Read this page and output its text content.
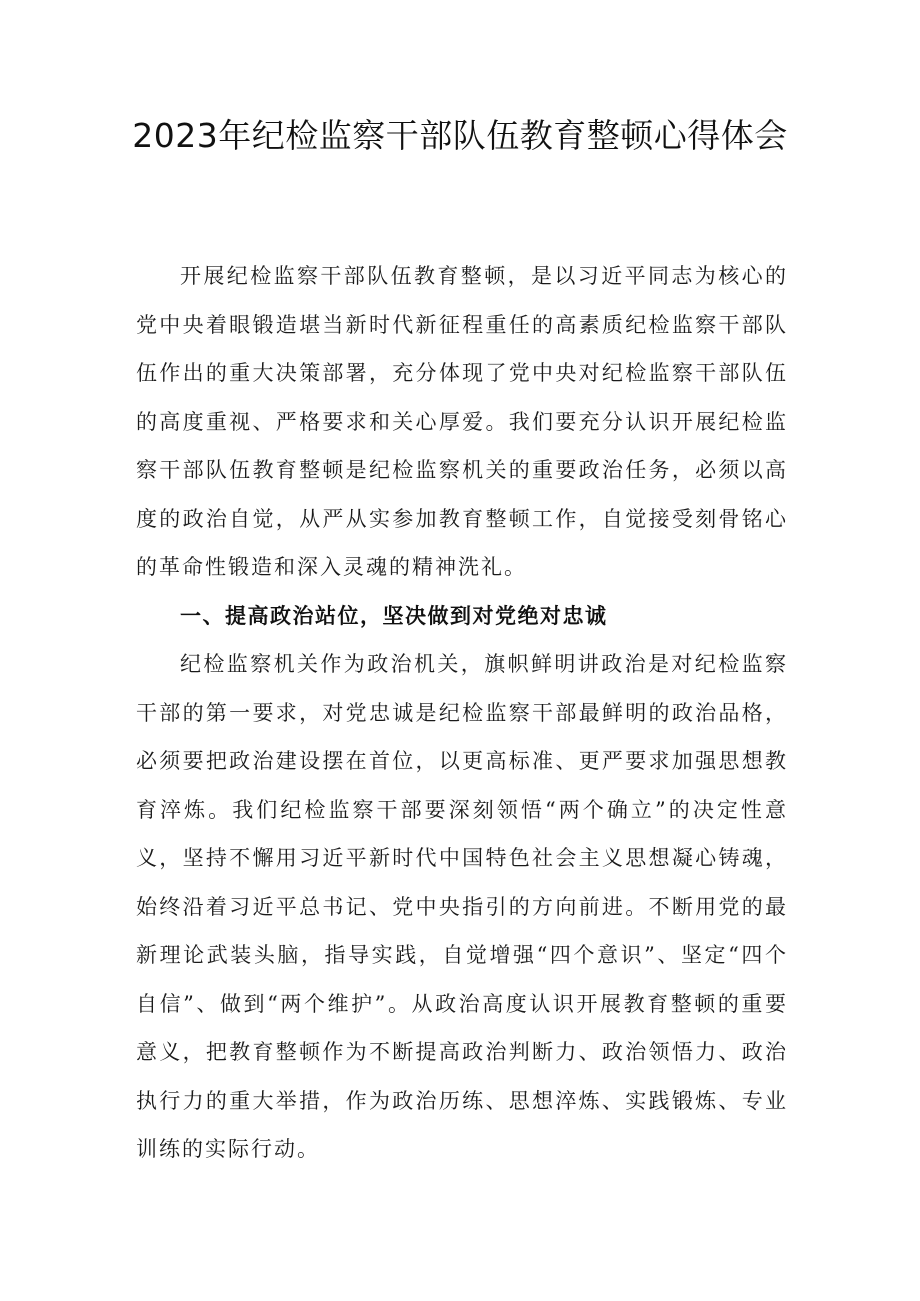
2023年纪检监察干部队伍教育整顿心得体会

开展纪检监察干部队伍教育整顿，是以习近平同志为核心的党中央着眼锻造堪当新时代新征程重任的高素质纪检监察干部队伍作出的重大决策部署，充分体现了党中央对纪检监察干部队伍的高度重视、严格要求和关心厚爱。我们要充分认识开展纪检监察干部队伍教育整顿是纪检监察机关的重要政治任务，必须以高度的政治自觉，从严从实参加教育整顿工作，自觉接受刻骨铭心的革命性锻造和深入灵魂的精神洗礼。

一、提高政治站位，坚决做到对党绝对忠诚

纪检监察机关作为政治机关，旗帜鲜明讲政治是对纪检监察干部的第一要求，对党忠诚是纪检监察干部最鲜明的政治品格，必须要把政治建设摆在首位，以更高标准、更严要求加强思想教育淬炼。我们纪检监察干部要深刻领悟“两个确立”的决定性意义，坚持不懈用习近平新时代中国特色社会主义思想凝心铸魂，始终沿着习近平总书记、党中央指引的方向前进。不断用党的最新理论武装头脑，指导实践，自觉增强“四个意识”、坚定“四个自信”、做到“两个维护”。从政治高度认识开展教育整顿的重要意义，把教育整顿作为不断提高政治判断力、政治领悟力、政治执行力的重大举措，作为政治历练、思想淬炼、实践锻炼、专业训练的实际行动。
